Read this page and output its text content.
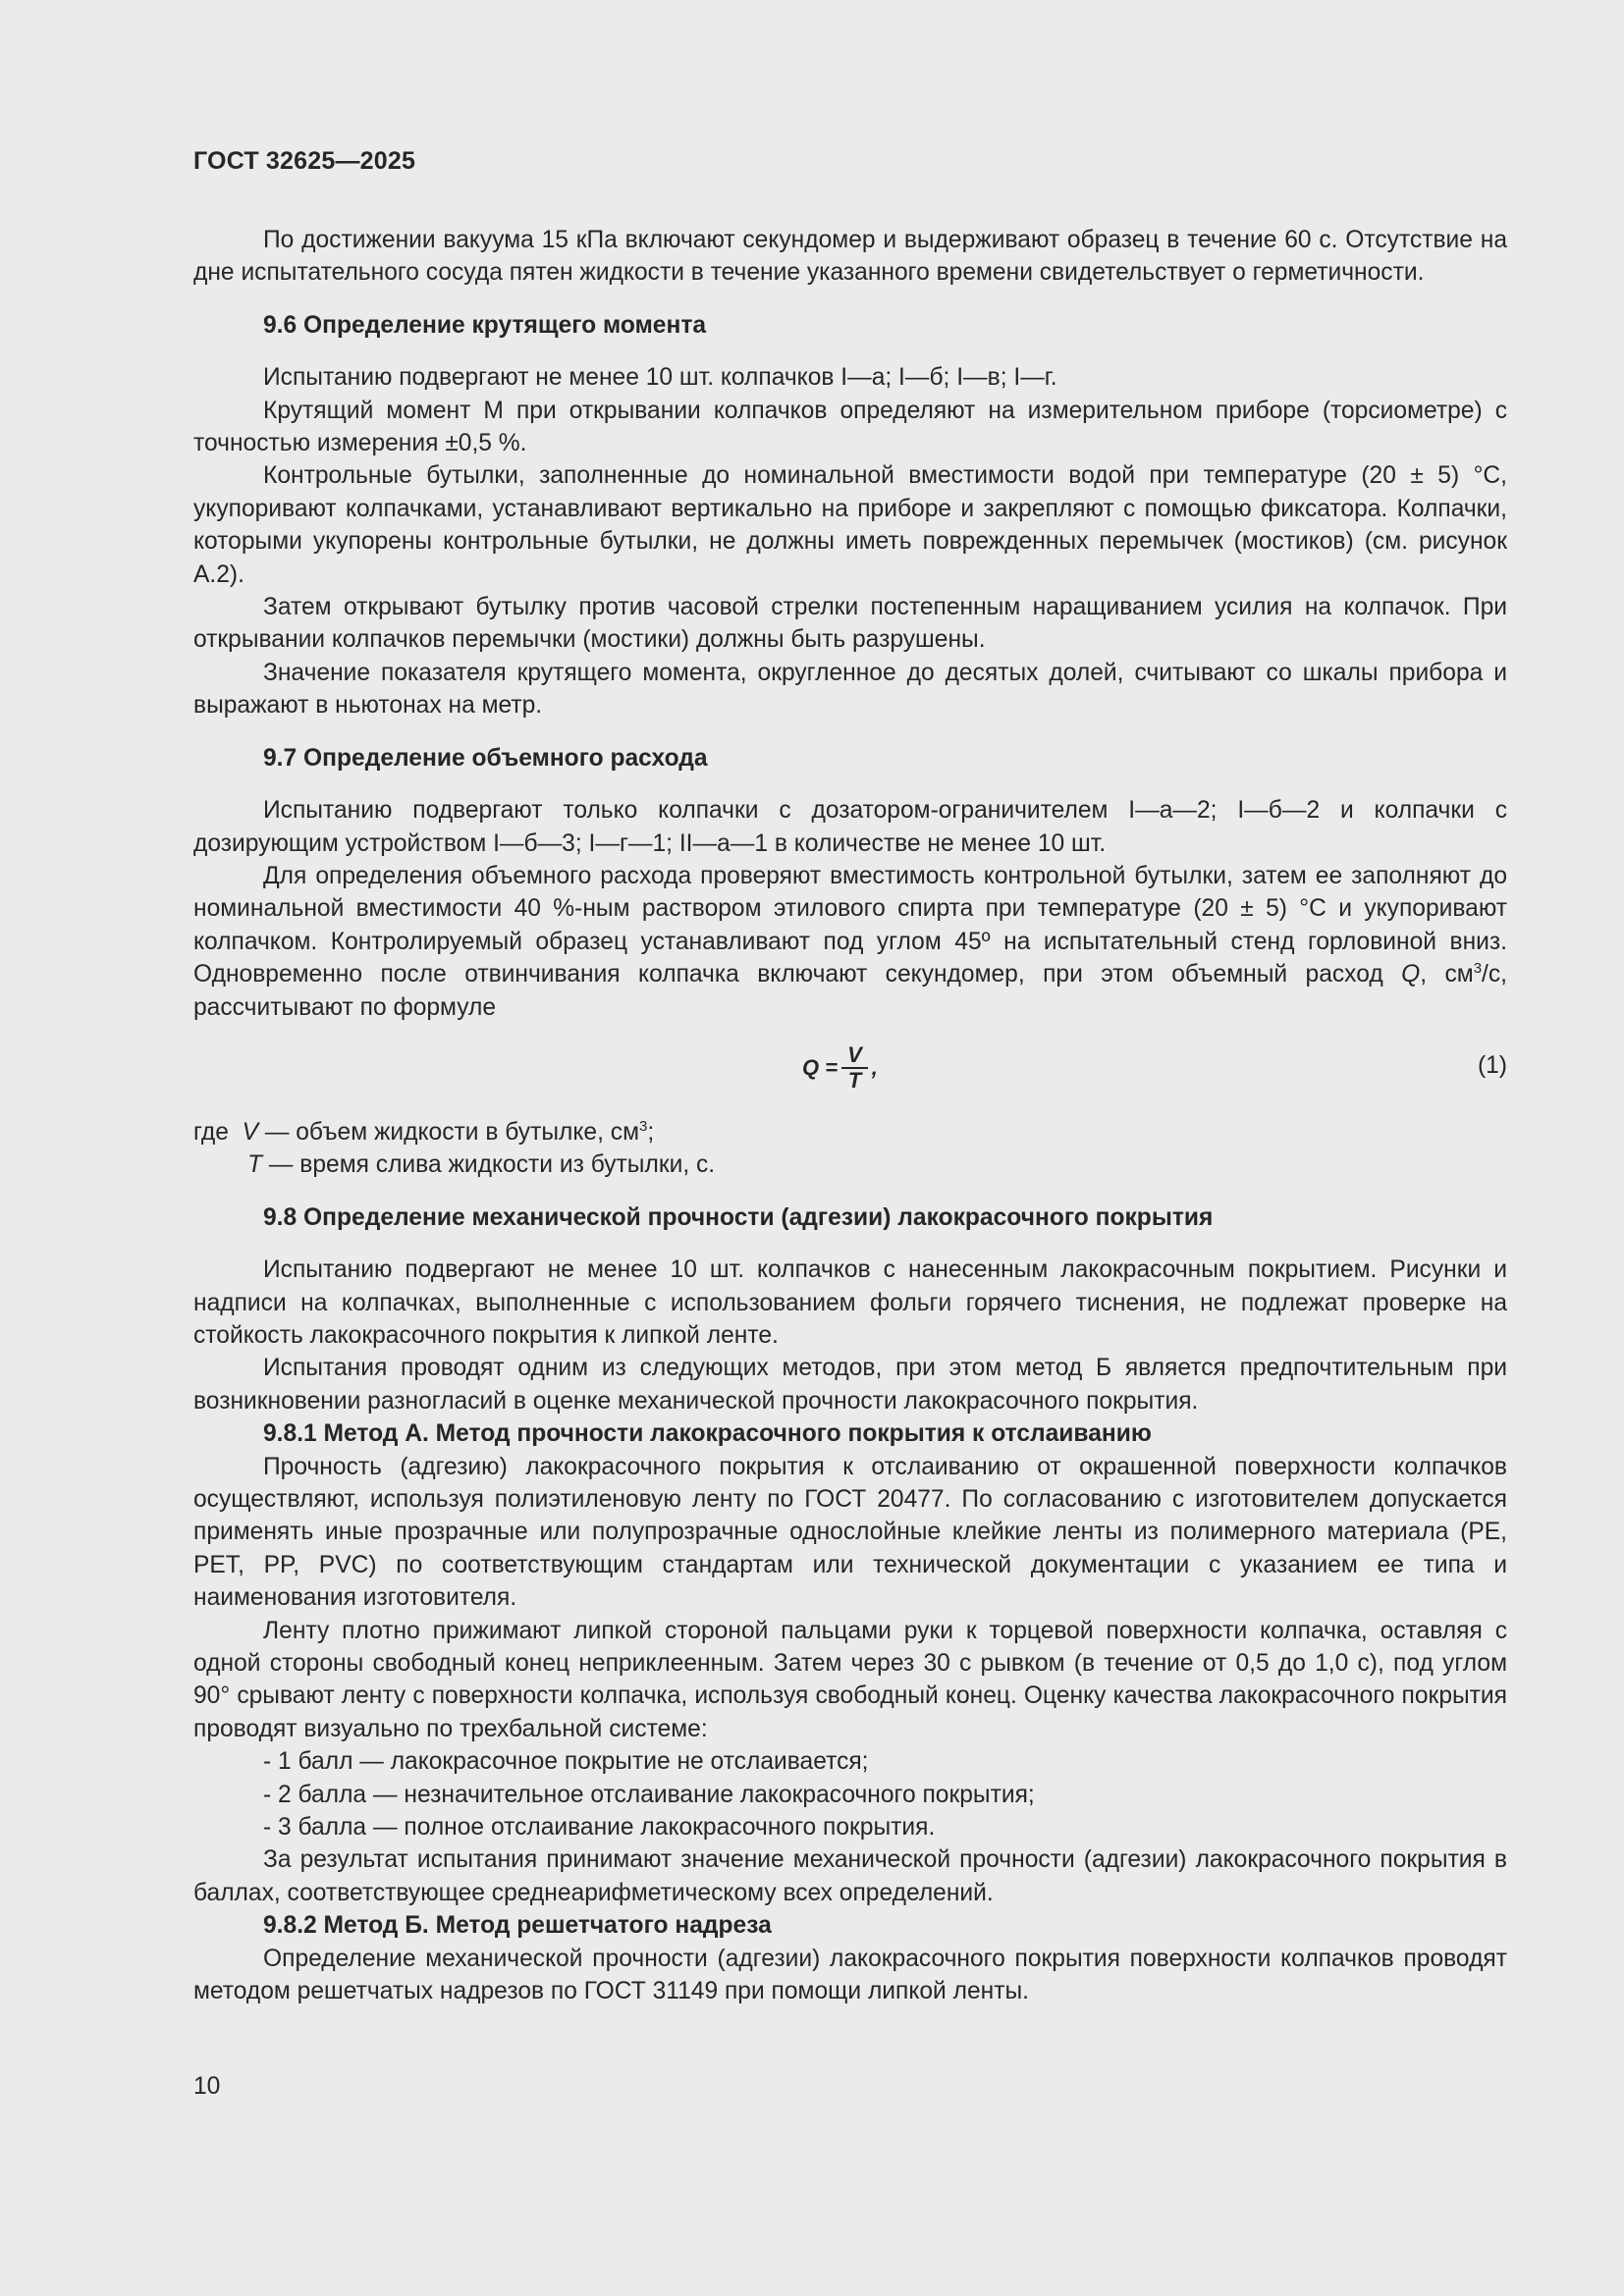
ГОСТ 32625—2025

По достижении вакуума 15 кПа включают секундомер и выдерживают образец в течение 60 с. Отсутствие на дне испытательного сосуда пятен жидкости в течение указанного времени свидетельствует о герметичности.

9.6 Определение крутящего момента

Испытанию подвергают не менее 10 шт. колпачков I—а; I—б; I—в; I—г.

Крутящий момент М при открывании колпачков определяют на измерительном приборе (торсиометре) с точностью измерения ±0,5 %.

Контрольные бутылки, заполненные до номинальной вместимости водой при температуре (20 ± 5) °С, укупоривают колпачками, устанавливают вертикально на приборе и закрепляют с помощью фиксатора. Колпачки, которыми укупорены контрольные бутылки, не должны иметь поврежденных перемычек (мостиков) (см. рисунок А.2).

Затем открывают бутылку против часовой стрелки постепенным наращиванием усилия на колпачок. При открывании колпачков перемычки (мостики) должны быть разрушены.

Значение показателя крутящего момента, округленное до десятых долей, считывают со шкалы прибора и выражают в ньютонах на метр.

9.7 Определение объемного расхода

Испытанию подвергают только колпачки с дозатором-ограничителем I—а—2; I—б—2 и колпачки с дозирующим устройством I—б—3; I—г—1; II—а—1 в количестве не менее 10 шт.

Для определения объемного расхода проверяют вместимость контрольной бутылки, затем ее заполняют до номинальной вместимости 40 %-ным раствором этилового спирта при температуре (20 ± 5) °С и укупоривают колпачком. Контролируемый образец устанавливают под углом 45º на испытательный стенд горловиной вниз. Одновременно после отвинчивания колпачка включают секундомер, при этом объемный расход Q, $см^3/с$, рассчитывают по формуле

$Q = \frac{V}{T}$ ,	(1)
где V — объем жидкости в бутылке, $см^3$;
T — время слива жидкости из бутылки, с.
9.8 Определение механической прочности (адгезии) лакокрасочного покрытия

Испытанию подвергают не менее 10 шт. колпачков с нанесенным лакокрасочным покрытием. Рисунки и надписи на колпачках, выполненные с использованием фольги горячего тиснения, не подлежат проверке на стойкость лакокрасочного покрытия к липкой ленте.

Испытания проводят одним из следующих методов, при этом метод Б является предпочтительным при возникновении разногласий в оценке механической прочности лакокрасочного покрытия.

9.8.1 Метод А. Метод прочности лакокрасочного покрытия к отслаиванию

Прочность (адгезию) лакокрасочного покрытия к отслаиванию от окрашенной поверхности колпачков осуществляют, используя полиэтиленовую ленту по ГОСТ 20477. По согласованию с изготовителем допускается применять иные прозрачные или полупрозрачные однослойные клейкие ленты из полимерного материала (PE, PET, PP, PVC) по соответствующим стандартам или технической документации с указанием ее типа и наименования изготовителя.

Ленту плотно прижимают липкой стороной пальцами руки к торцевой поверхности колпачка, оставляя с одной стороны свободный конец неприклеенным. Затем через 30 с рывком (в течение от 0,5 до 1,0 с), под углом 90° срывают ленту с поверхности колпачка, используя свободный конец. Оценку качества лакокрасочного покрытия проводят визуально по трехбальной системе:

- 1 балл — лакокрасочное покрытие не отслаивается;
- 2 балла — незначительное отслаивание лакокрасочного покрытия;
- 3 балла — полное отслаивание лакокрасочного покрытия.

За результат испытания принимают значение механической прочности (адгезии) лакокрасочного покрытия в баллах, соответствующее среднеарифметическому всех определений.

9.8.2 Метод Б. Метод решетчатого надреза

Определение механической прочности (адгезии) лакокрасочного покрытия поверхности колпачков проводят методом решетчатых надрезов по ГОСТ 31149 при помощи липкой ленты.

10
